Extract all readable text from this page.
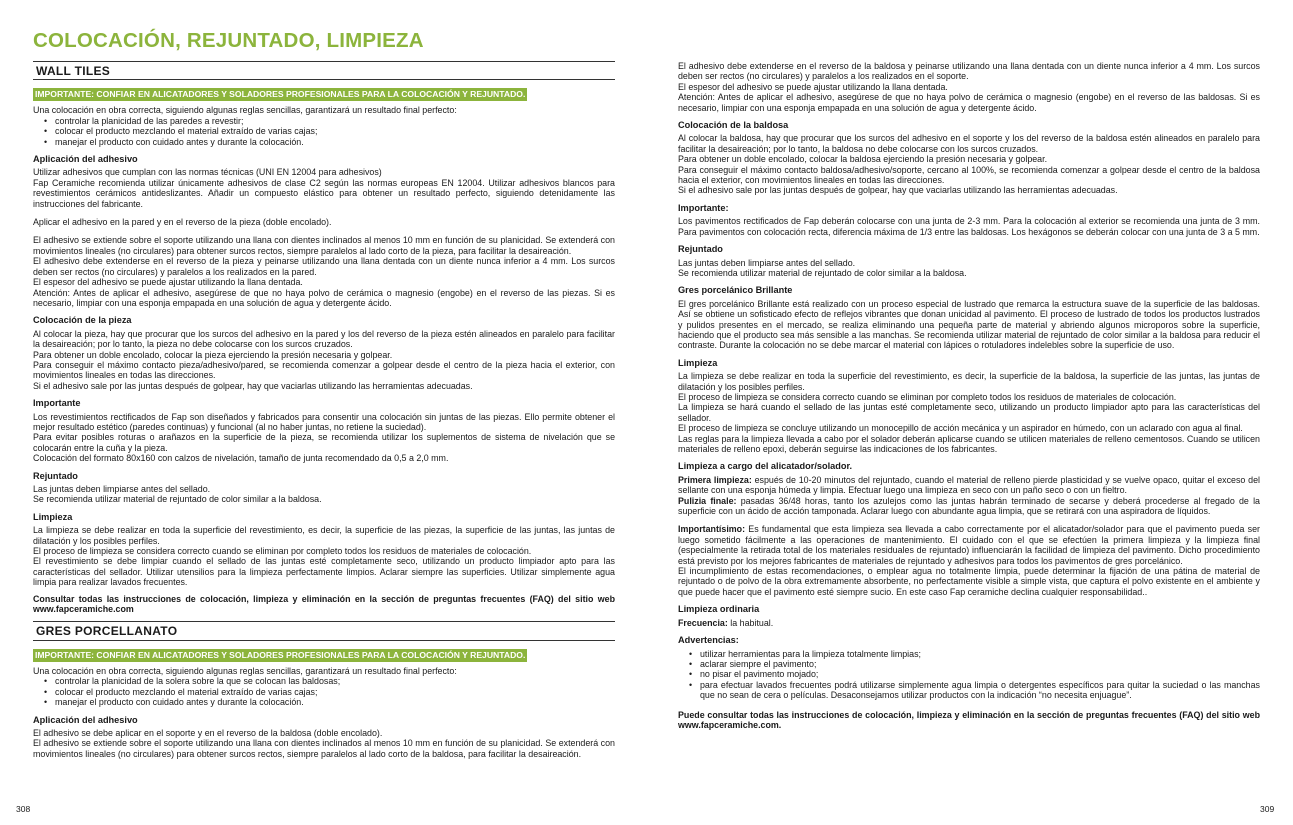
COLOCACIÓN, REJUNTADO, LIMPIEZA
WALL TILES
IMPORTANTE: CONFIAR EN ALICATADORES Y SOLADORES PROFESIONALES PARA LA COLOCACIÓN Y REJUNTADO.

Una colocación en obra correcta, siguiendo algunas reglas sencillas, garantizará un resultado final perfecto:

• controlar la planicidad de las paredes a revestir;
• colocar el producto mezclando el material extraído de varias cajas;
• manejar el producto con cuidado antes y durante la colocación.
Aplicación del adhesivo

Utilizar adhesivos que cumplan con las normas técnicas (UNI EN 12004 para adhesivos)

Fap Ceramiche recomienda utilizar únicamente adhesivos de clase C2 según las normas europeas EN 12004. Utilizar adhesivos blancos para revestimientos cerámicos antideslizantes. Añadir un compuesto elástico para obtener un resultado perfecto, siguiendo detenidamente las instrucciones del fabricante.

Aplicar el adhesivo en la pared y en el reverso de la pieza (doble encolado).

El adhesivo se extiende sobre el soporte utilizando una llana con dientes inclinados al menos 10 mm en función de su planicidad. Se extenderá con movimientos lineales (no circulares) para obtener surcos rectos, siempre paralelos al lado corto de la pieza, para facilitar la desaireación.

El adhesivo debe extenderse en el reverso de la pieza y peinarse utilizando una llana dentada con un diente nunca inferior a 4 mm. Los surcos deben ser rectos (no circulares) y paralelos a los realizados en la pared.

El espesor del adhesivo se puede ajustar utilizando la llana dentada.

Atención: Antes de aplicar el adhesivo, asegúrese de que no haya polvo de cerámica o magnesio (engobe) en el reverso de las piezas. Si es necesario, limpiar con una esponja empapada en una solución de agua y detergente ácido.

Colocación de la pieza

Al colocar la pieza, hay que procurar que los surcos del adhesivo en la pared y los del reverso de la pieza estén alineados en paralelo para facilitar la desaireación; por lo tanto, la pieza no debe colocarse con los surcos cruzados.

Para obtener un doble encolado, colocar la pieza ejerciendo la presión necesaria y golpear.

Para conseguir el máximo contacto pieza/adhesivo/pared, se recomienda comenzar a golpear desde el centro de la pieza hacia el exterior, con movimientos lineales en todas las direcciones.

Si el adhesivo sale por las juntas después de golpear, hay que vaciarlas utilizando las herramientas adecuadas.

Importante

Los revestimientos rectificados de Fap son diseñados y fabricados para consentir una colocación sin juntas de las piezas. Ello permite obtener el mejor resultado estético (paredes continuas) y funcional (al no haber juntas, no retiene la suciedad).

Para evitar posibles roturas o arañazos en la superficie de la pieza, se recomienda utilizar los suplementos de sistema de nivelación que se colocarán entre la cuña y la pieza.

Colocación del formato 80x160 con calzos de nivelación, tamaño de junta recomendado da 0,5 a 2,0 mm.

Rejuntado

Las juntas deben limpiarse antes del sellado.

Se recomienda utilizar material de rejuntado de color similar a la baldosa.

Limpieza

La limpieza se debe realizar en toda la superficie del revestimiento, es decir, la superficie de las piezas, la superficie de las juntas, las juntas de dilatación y los posibles perfiles.

El proceso de limpieza se considera correcto cuando se eliminan por completo todos los residuos de materiales de colocación.

El revestimiento se debe limpiar cuando el sellado de las juntas esté completamente seco, utilizando un producto limpiador apto para las características del sellador. Utilizar utensilios para la limpieza perfectamente limpios. Aclarar siempre las superficies. Utilizar simplemente agua limpia para realizar lavados frecuentes.

Consultar todas las instrucciones de colocación, limpieza y eliminación en la sección de preguntas frecuentes (FAQ) del sitio web www.fapceramiche.com

GRES PORCELLANATO
IMPORTANTE: CONFIAR EN ALICATADORES Y SOLADORES PROFESIONALES PARA LA COLOCACIÓN Y REJUNTADO.

Una colocación en obra correcta, siguiendo algunas reglas sencillas, garantizará un resultado final perfecto:

• controlar la planicidad de la solera sobre la que se colocan las baldosas;
• colocar el producto mezclando el material extraído de varias cajas;
• manejar el producto con cuidado antes y durante la colocación.
Aplicación del adhesivo

El adhesivo se debe aplicar en el soporte y en el reverso de la baldosa (doble encolado).

El adhesivo se extiende sobre el soporte utilizando una llana con dientes inclinados al menos 10 mm en función de su planicidad. Se extenderá con movimientos lineales (no circulares) para obtener surcos rectos, siempre paralelos al lado corto de la baldosa, para facilitar la desaireación.

El adhesivo debe extenderse en el reverso de la baldosa y peinarse utilizando una llana dentada con un diente nunca inferior a 4 mm. Los surcos deben ser rectos (no circulares) y paralelos a los realizados en el soporte.

El espesor del adhesivo se puede ajustar utilizando la llana dentada.

Atención: Antes de aplicar el adhesivo, asegúrese de que no haya polvo de cerámica o magnesio (engobe) en el reverso de las baldosas. Si es necesario, limpiar con una esponja empapada en una solución de agua y detergente ácido.

Colocación de la baldosa

Al colocar la baldosa, hay que procurar que los surcos del adhesivo en el soporte y los del reverso de la baldosa estén alineados en paralelo para facilitar la desaireación; por lo tanto, la baldosa no debe colocarse con los surcos cruzados.

Para obtener un doble encolado, colocar la baldosa ejerciendo la presión necesaria y golpear.

Para conseguir el máximo contacto baldosa/adhesivo/soporte, cercano al 100%, se recomienda comenzar a golpear desde el centro de la baldosa hacia el exterior, con movimientos lineales en todas las direcciones.

Si el adhesivo sale por las juntas después de golpear, hay que vaciarlas utilizando las herramientas adecuadas.

Importante:

Los pavimentos rectificados de Fap deberán colocarse con una junta de 2-3 mm. Para la colocación al exterior se recomienda una junta de 3 mm. Para pavimentos con colocación recta, diferencia máxima de 1/3 entre las baldosas. Los hexágonos se deberán colocar con una junta de 3 a 5 mm.

Rejuntado

Las juntas deben limpiarse antes del sellado.

Se recomienda utilizar material de rejuntado de color similar a la baldosa.

Gres porcelánico Brillante

El gres porcelánico Brillante está realizado con un proceso especial de lustrado que remarca la estructura suave de la superficie de las baldosas. Así se obtiene un sofisticado efecto de reflejos vibrantes que donan unicidad al pavimento. El proceso de lustrado de todos los productos lustrados y pulidos presentes en el mercado, se realiza eliminando una pequeña parte de material y abriendo algunos microporos sobre la superficie, haciendo que el producto sea más sensible a las manchas. Se recomienda utilizar material de rejuntado de color similar a la baldosa para reducir el contraste. Durante la colocación no se debe marcar el material con lápices o rotuladores indelebles sobre la superficie de uso.

Limpieza

La limpieza se debe realizar en toda la superficie del revestimiento, es decir, la superficie de la baldosa, la superficie de las juntas, las juntas de dilatación y los posibles perfiles.

El proceso de limpieza se considera correcto cuando se eliminan por completo todos los residuos de materiales de colocación.

La limpieza se hará cuando el sellado de las juntas esté completamente seco, utilizando un producto limpiador apto para las características del sellador.

El proceso de limpieza se concluye utilizando un monocepillo de acción mecánica y un aspirador en húmedo, con un aclarado con agua al final.

Las reglas para la limpieza llevada a cabo por el solador deberán aplicarse cuando se utilicen materiales de relleno cementosos. Cuando se utilicen materiales de relleno epoxi, deberán seguirse las indicaciones de los fabricantes.

Limpieza a cargo del alicatador/solador.

Primera limpieza: espués de 10-20 minutos del rejuntado, cuando el material de relleno pierde plasticidad y se vuelve opaco, quitar el exceso del sellante con una esponja húmeda y limpia. Efectuar luego una limpieza en seco con un paño seco o con un fieltro.

Pulizia finale: pasadas 36/48 horas, tanto los azulejos como las juntas habrán terminado de secarse y deberá procederse al fregado de la superficie con un ácido de acción tamponada. Aclarar luego con abundante agua limpia, que se retirará con una aspiradora de líquidos.

Importantísimo: Es fundamental que esta limpieza sea llevada a cabo correctamente por el alicatador/solador para que el pavimento pueda ser luego sometido fácilmente a las operaciones de mantenimiento. El cuidado con el que se efectúen la primera limpieza y la limpieza final (especialmente la retirada total de los materiales residuales de rejuntado) influenciarán la facilidad de limpieza del pavimento. Dicho procedimiento está previsto por los mejores fabricantes de materiales de rejuntado y adhesivos para todos los pavimentos de gres porcelánico.

El incumplimiento de estas recomendaciones, o emplear agua no totalmente limpia, puede determinar la fijación de una pátina de material de rejuntado o de polvo de la obra extremamente absorbente, no perfectamente visible a simple vista, que captura el polvo existente en el ambiente y que puede hacer que el pavimento esté siempre sucio. En este caso Fap ceramiche declina cualquier responsabilidad..

Limpieza ordinaria

Frecuencia: la habitual.

Advertencias:
• utilizar herramientas para la limpieza totalmente limpias;
• aclarar siempre el pavimento;
• no pisar el pavimento mojado;
• para efectuar lavados frecuentes podrá utilizarse simplemente agua limpia o detergentes específicos para quitar la suciedad o las manchas que no sean de cera o películas. Desaconsejamos utilizar productos con la indicación “no necesita enjuague”.

Puede consultar todas las instrucciones de colocación, limpieza y eliminación en la sección de preguntas frecuentes (FAQ) del sitio web www.fapceramiche.com.

308	309
